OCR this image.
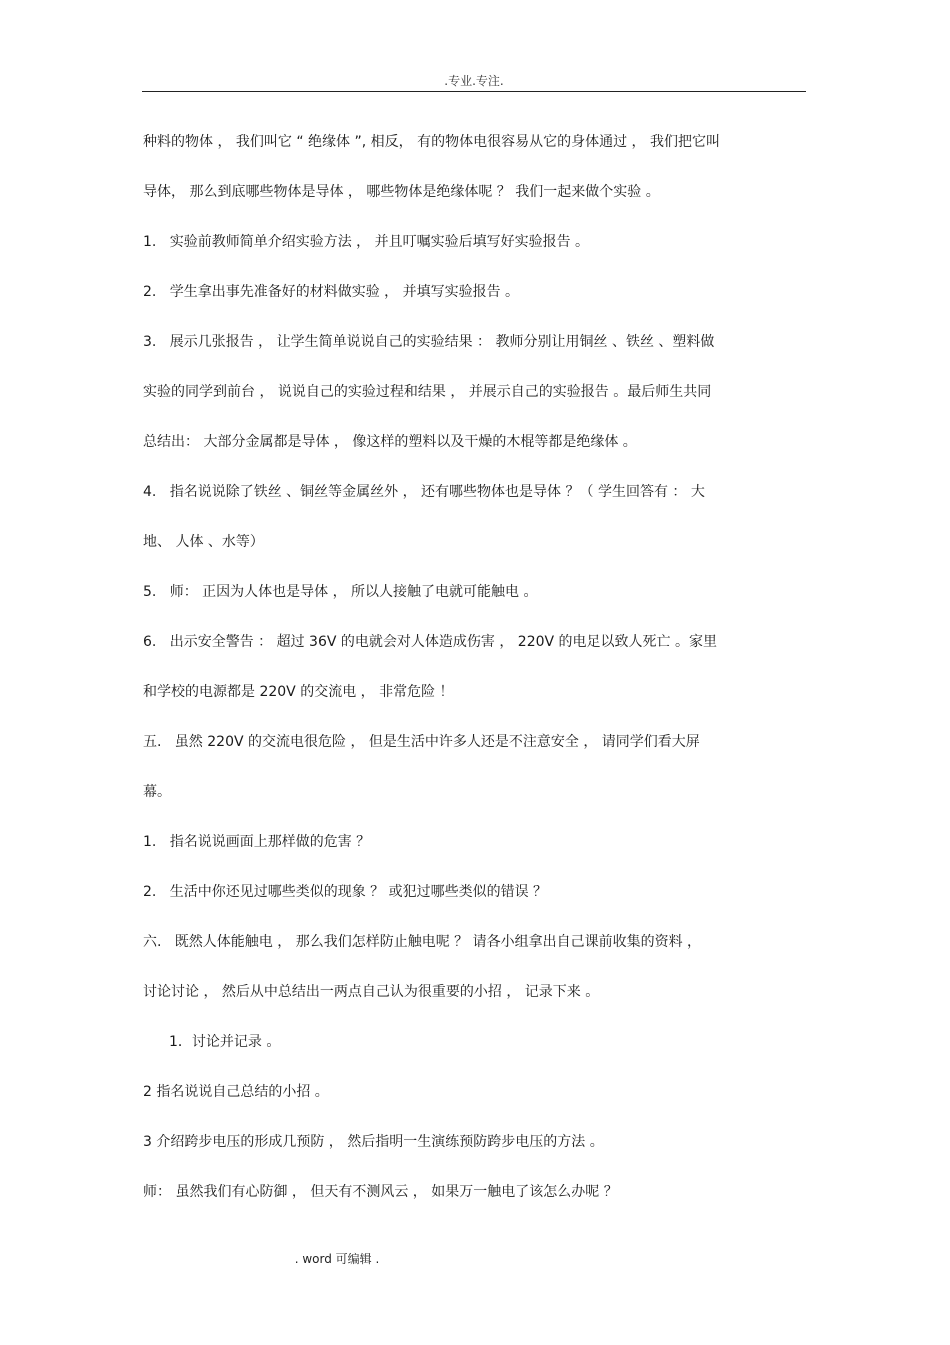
.专业.专注.
种料的物体 ， 我们叫它 “ 绝缘体 ”, 相反， 有的物体电很容易从它的身体通过 ， 我们把它叫
导体， 那么到底哪些物体是导体 ， 哪些物体是绝缘体呢 ？ 我们一起来做个实验 。
1.   实验前教师简单介绍实验方法 ， 并且叮嘱实验后填写好实验报告 。
2.   学生拿出事先准备好的材料做实验 ， 并填写实验报告 。
3.   展示几张报告 ， 让学生简单说说自己的实验结果 ： 教师分别让用铜丝 、铁丝 、塑料做
实验的同学到前台 ， 说说自己的实验过程和结果 ， 并展示自己的实验报告 。最后师生共同
总结出： 大部分金属都是导体 ， 像这样的塑料以及干燥的木棍等都是绝缘体 。
4.   指名说说除了铁丝 、铜丝等金属丝外 ， 还有哪些物体也是导体 ？（ 学生回答有 ： 大
地、 人体 、水等）
5.   师： 正因为人体也是导体 ， 所以人接触了电就可能触电 。
6.   出示安全警告 ： 超过 36V 的电就会对人体造成伤害 ， 220V 的电足以致人死亡 。家里
和学校的电源都是 220V 的交流电 ， 非常危险 ！
五.   虽然 220V 的交流电很危险 ， 但是生活中许多人还是不注意安全 ， 请同学们看大屏
幕。
1.   指名说说画面上那样做的危害 ？
2.   生活中你还见过哪些类似的现象 ？ 或犯过哪些类似的错误 ？
六.   既然人体能触电 ， 那么我们怎样防止触电呢 ？ 请各小组拿出自己课前收集的资料 ，
讨论讨论 ， 然后从中总结出一两点自己认为很重要的小招 ， 记录下来 。
1．讨论并记录 。
2 指名说说自己总结的小招 。
3 介绍跨步电压的形成几预防 ， 然后指明一生演练预防跨步电压的方法 。
师： 虽然我们有心防御 ， 但天有不测风云 ， 如果万一触电了该怎么办呢 ？
. word 可编辑 .
